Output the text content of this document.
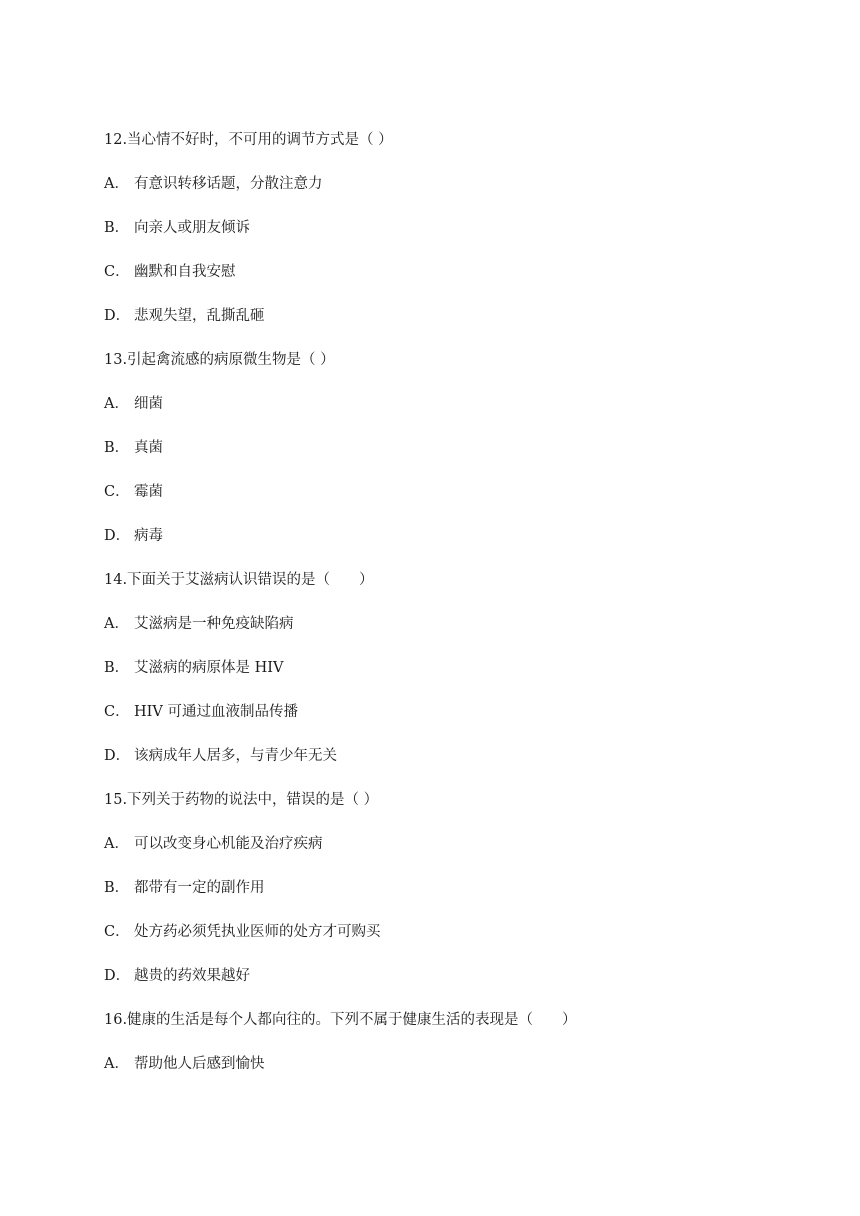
12.当心情不好时，不可用的调节方式是（ ）
A． 有意识转移话题，分散注意力
B． 向亲人或朋友倾诉
C． 幽默和自我安慰
D． 悲观失望，乱撕乱砸
13.引起禽流感的病原微生物是（ ）
A． 细菌
B． 真菌
C． 霉菌
D． 病毒
14.下面关于艾滋病认识错误的是（　　）
A． 艾滋病是一种免疫缺陷病
B． 艾滋病的病原体是 HIV
C． HIV 可通过血液制品传播
D． 该病成年人居多，与青少年无关
15.下列关于药物的说法中，错误的是（ ）
A． 可以改变身心机能及治疗疾病
B． 都带有一定的副作用
C． 处方药必须凭执业医师的处方才可购买
D． 越贵的药效果越好
16.健康的生活是每个人都向往的。下列不属于健康生活的表现是（　　）
A． 帮助他人后感到愉快
